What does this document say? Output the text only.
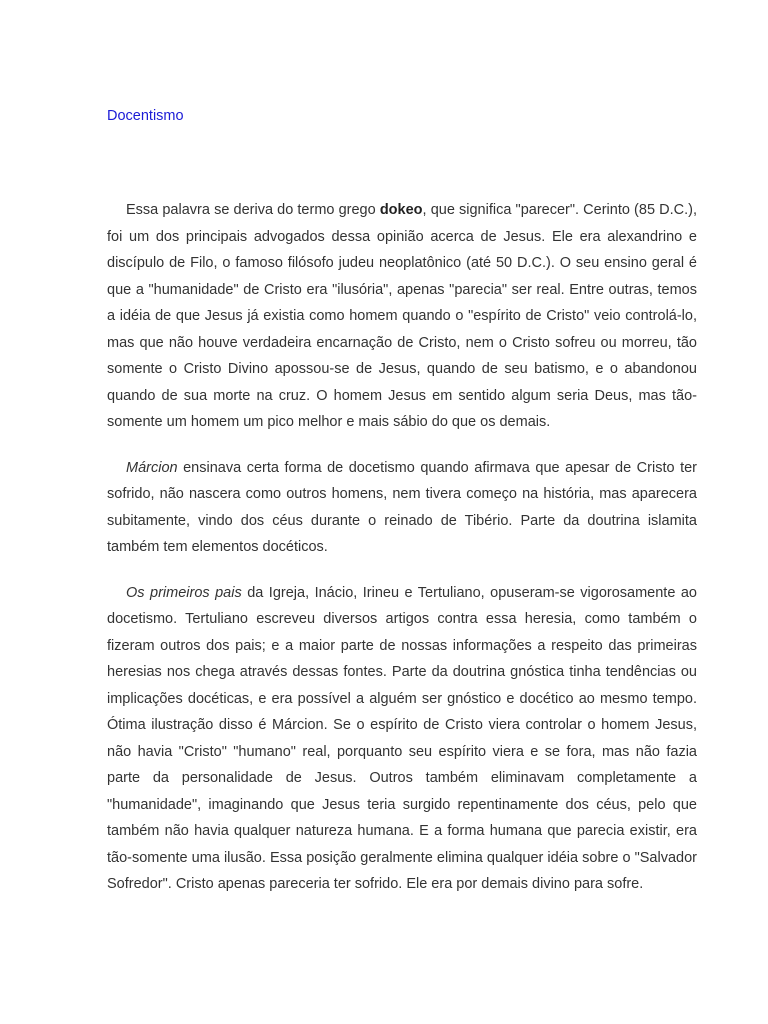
Docentismo

Essa palavra se deriva do termo grego dokeo, que significa "parecer". Cerinto (85 D.C.), foi um dos principais advogados dessa opinião acerca de Jesus. Ele era alexandrino e discípulo de Filo, o famoso filósofo judeu neoplatônico (até 50 D.C.). O seu ensino geral é que a "humanidade" de Cristo era "ilusória", apenas "parecia" ser real. Entre outras, temos a idéia de que Jesus já existia como homem quando o "espírito de Cristo" veio controlá-lo, mas que não houve verdadeira encarnação de Cristo, nem o Cristo sofreu ou morreu, tão somente o Cristo Divino apossou-se de Jesus, quando de seu batismo, e o abandonou quando de sua morte na cruz. O homem Jesus em sentido algum seria Deus, mas tão-somente um homem um pico melhor e mais sábio do que os demais.

Márcion ensinava certa forma de docetismo quando afirmava que apesar de Cristo ter sofrido, não nascera como outros homens, nem tivera começo na história, mas aparecera subitamente, vindo dos céus durante o reinado de Tibério. Parte da doutrina islamita também tem elementos docéticos.

Os primeiros pais da Igreja, Inácio, Irineu e Tertuliano, opuseram-se vigorosamente ao docetismo. Tertuliano escreveu diversos artigos contra essa heresia, como também o fizeram outros dos pais; e a maior parte de nossas informações a respeito das primeiras heresias nos chega através dessas fontes. Parte da doutrina gnóstica tinha tendências ou implicações docéticas, e era possível a alguém ser gnóstico e docético ao mesmo tempo. Ótima ilustração disso é Márcion. Se o espírito de Cristo viera controlar o homem Jesus, não havia "Cristo" "humano" real, porquanto seu espírito viera e se fora, mas não fazia parte da personalidade de Jesus. Outros também eliminavam completamente a "humanidade", imaginando que Jesus teria surgido repentinamente dos céus, pelo que também não havia qualquer natureza humana. E a forma humana que parecia existir, era tão-somente uma ilusão. Essa posição geralmente elimina qualquer idéia sobre o "Salvador Sofredor". Cristo apenas pareceria ter sofrido. Ele era por demais divino para sofre.
